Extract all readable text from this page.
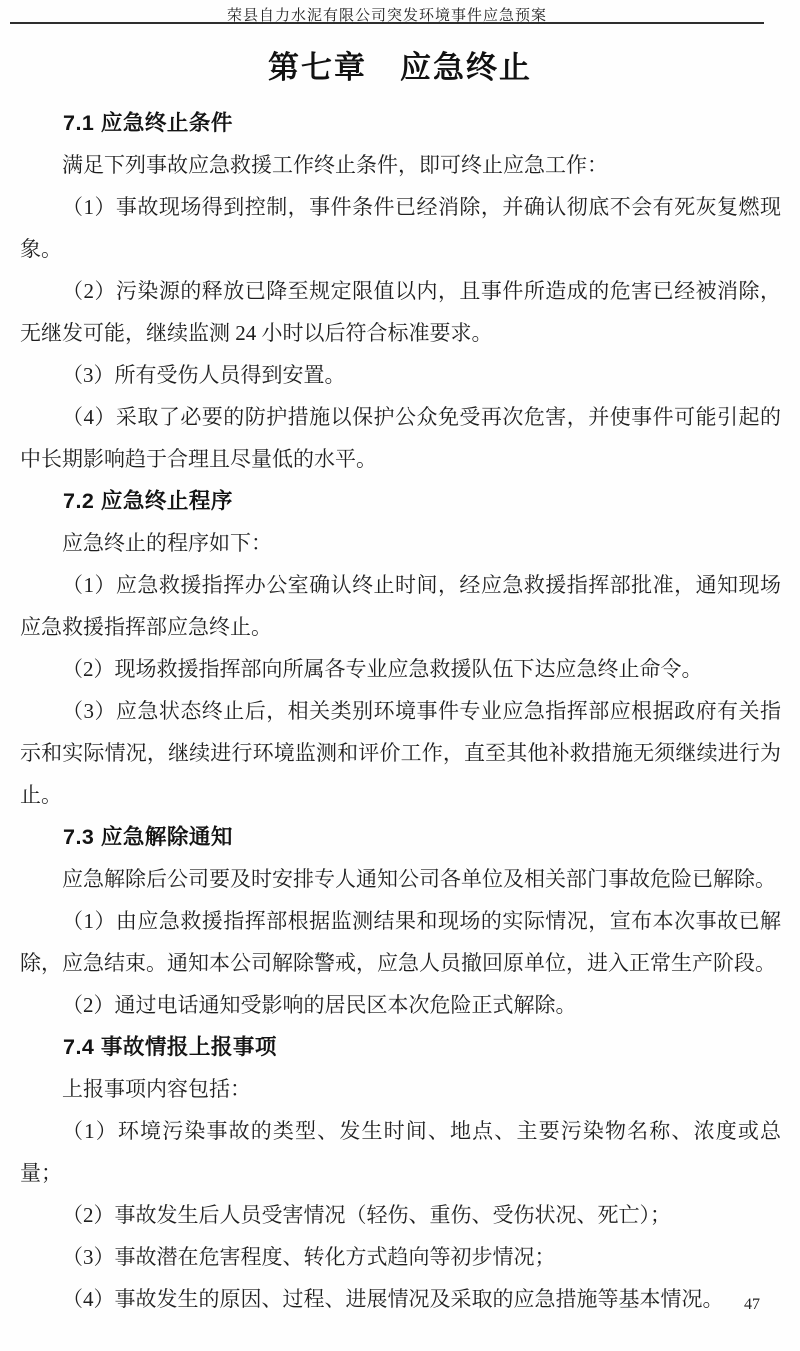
荣县自力水泥有限公司突发环境事件应急预案
第七章　应急终止
7.1 应急终止条件

满足下列事故应急救援工作终止条件，即可终止应急工作：

（1）事故现场得到控制，事件条件已经消除，并确认彻底不会有死灰复燃现象。

（2）污染源的释放已降至规定限值以内，且事件所造成的危害已经被消除，无继发可能，继续监测 24 小时以后符合标准要求。

（3）所有受伤人员得到安置。

（4）采取了必要的防护措施以保护公众免受再次危害，并使事件可能引起的中长期影响趋于合理且尽量低的水平。

7.2 应急终止程序

应急终止的程序如下：

（1）应急救援指挥办公室确认终止时间，经应急救援指挥部批准，通知现场应急救援指挥部应急终止。

（2）现场救援指挥部向所属各专业应急救援队伍下达应急终止命令。

（3）应急状态终止后，相关类别环境事件专业应急指挥部应根据政府有关指示和实际情况，继续进行环境监测和评价工作，直至其他补救措施无须继续进行为止。

7.3 应急解除通知

应急解除后公司要及时安排专人通知公司各单位及相关部门事故危险已解除。

（1）由应急救援指挥部根据监测结果和现场的实际情况，宣布本次事故已解除，应急结束。通知本公司解除警戒，应急人员撤回原单位，进入正常生产阶段。

（2）通过电话通知受影响的居民区本次危险正式解除。

7.4 事故情报上报事项

上报事项内容包括：

（1）环境污染事故的类型、发生时间、地点、主要污染物名称、浓度或总量；

（2）事故发生后人员受害情况（轻伤、重伤、受伤状况、死亡）；

（3）事故潜在危害程度、转化方式趋向等初步情况；

（4）事故发生的原因、过程、进展情况及采取的应急措施等基本情况。	47
